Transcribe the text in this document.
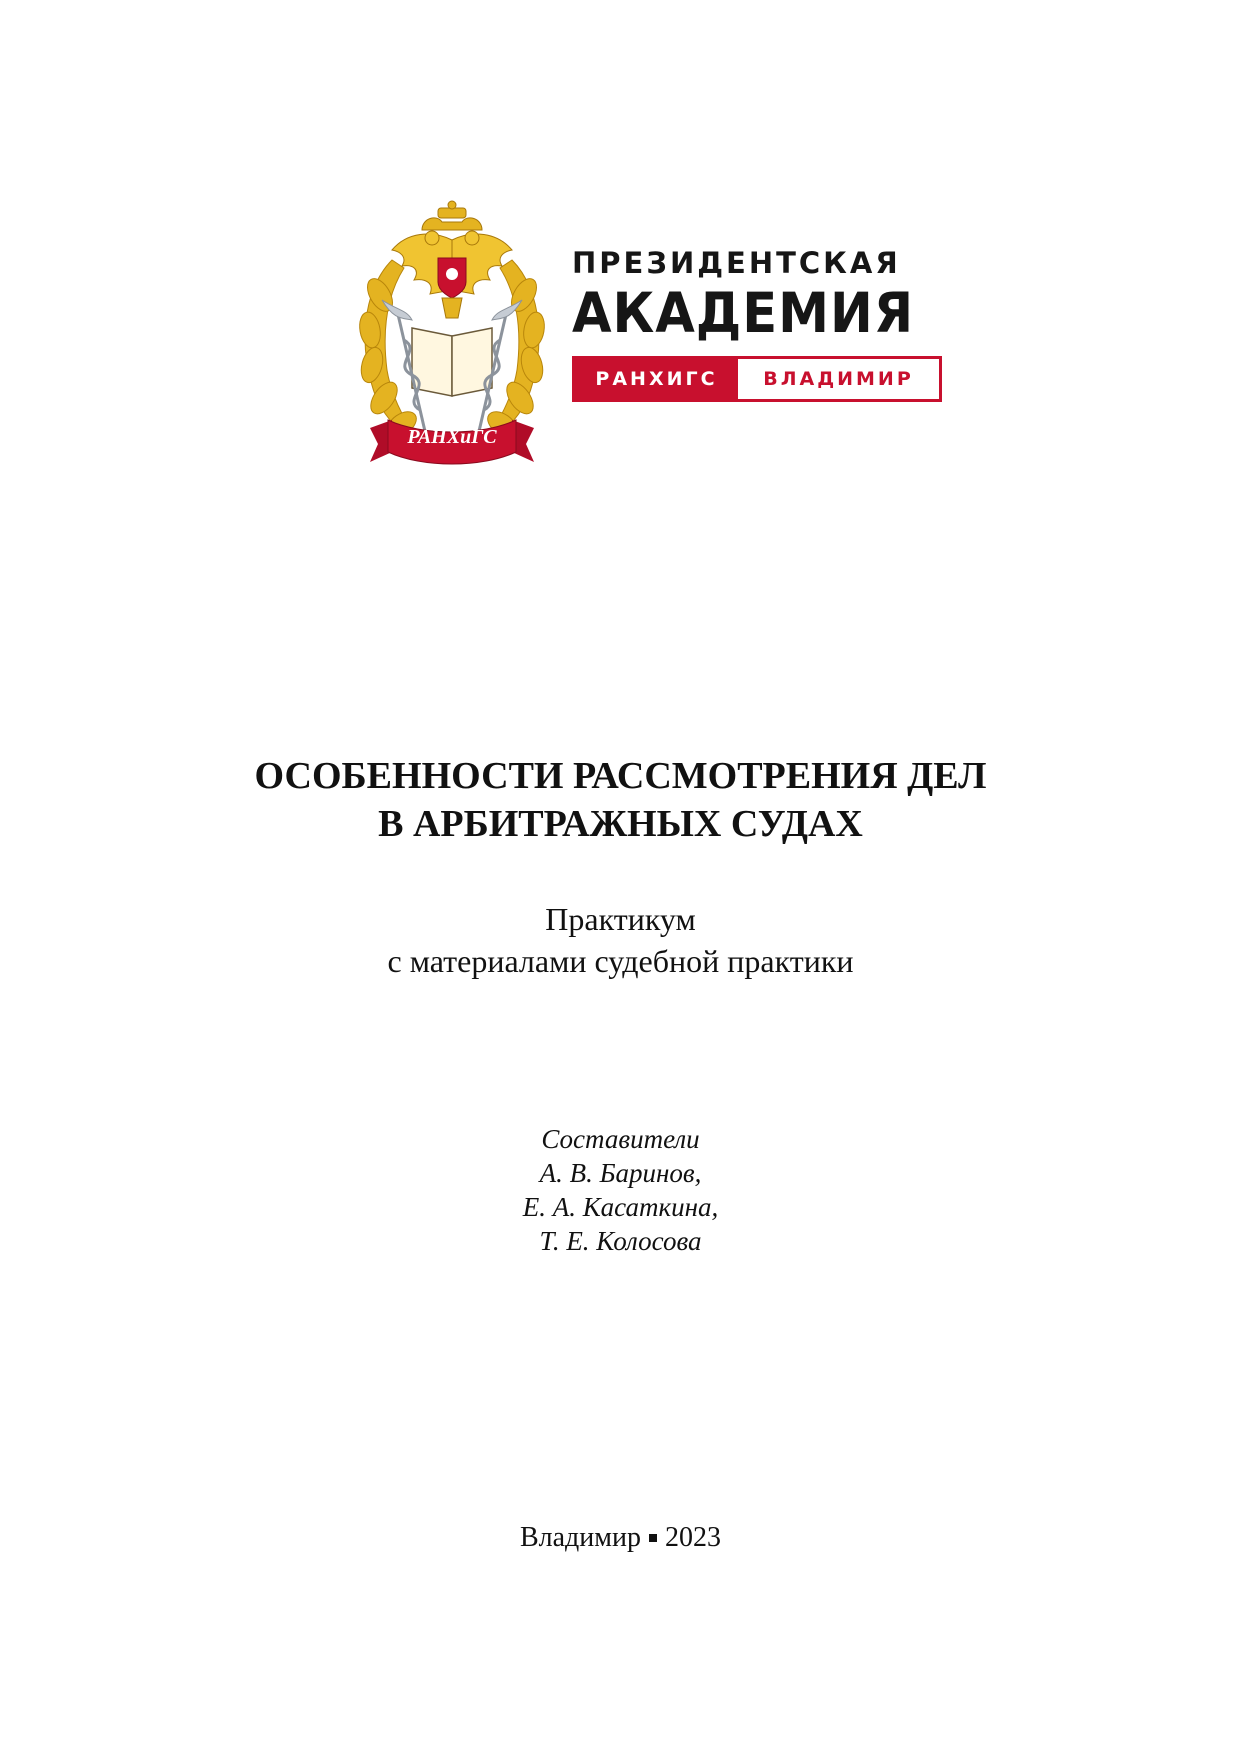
РАНХиГС
ПРЕЗИДЕНТСКАЯ
АКАДЕМИЯ
РАНХИГС	ВЛАДИМИР
ОСОБЕННОСТИ РАССМОТРЕНИЯ ДЕЛ
В АРБИТРАЖНЫХ СУДАХ
Практикум
с материалами судебной практики
Составители
А. В. Баринов,
Е. А. Касаткина,
Т. Е. Колосова
Владимир 2023
